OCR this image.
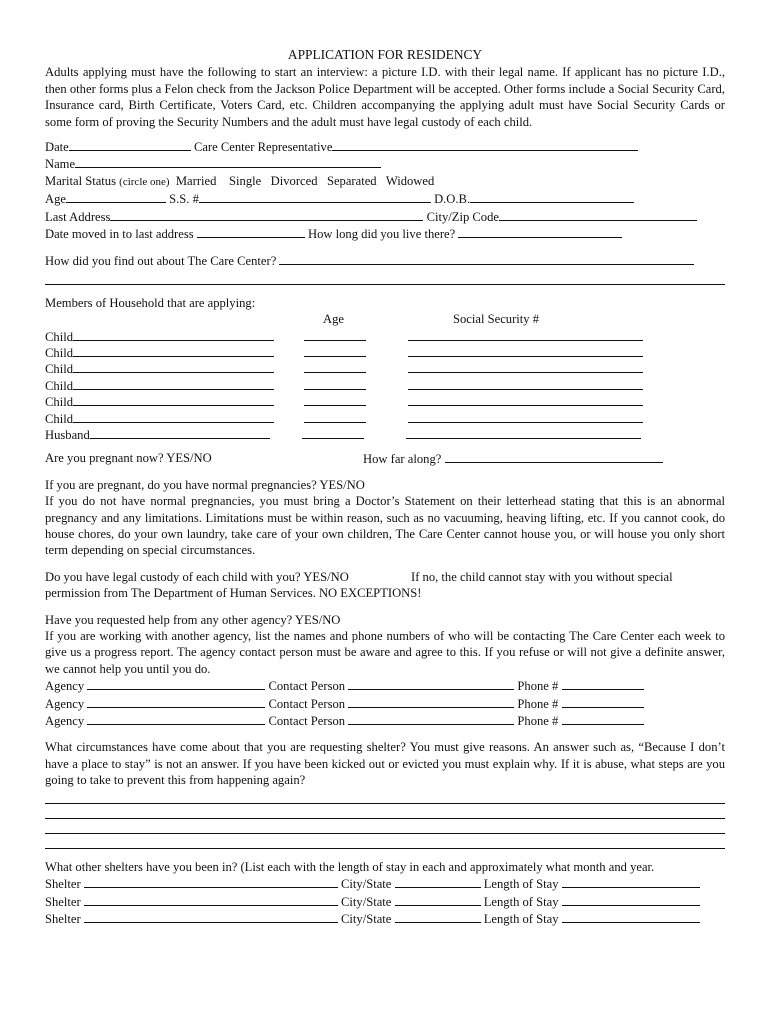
APPLICATION FOR RESIDENCY
Adults applying must have the following to start an interview: a picture I.D. with their legal name. If applicant has no picture I.D., then other forms plus a Felon check from the Jackson Police Department will be accepted. Other forms include a Social Security Card, Insurance card, Birth Certificate, Voters Card, etc. Children accompanying the applying adult must have Social Security Cards or some form of proving the Security Numbers and the adult must have legal custody of each child.
Date	Care Center Representative
Name
Marital Status (circle one) Married    Single   Divorced   Separated   Widowed
Age	S.S. #	D.O.B.
Last Address	City/Zip Code
Date moved in to last address	How long did you live there?
How did you find out about The Care Center?
Members of Household that are applying:
Age	Social Security #
Child
Child
Child
Child
Child
Child
Husband
Are you pregnant now? YES/NO	How far along?
If you are pregnant, do you have normal pregnancies? YES/NO
If you do not have normal pregnancies, you must bring a Doctor’s Statement on their letterhead stating that this is an abnormal pregnancy and any limitations. Limitations must be within reason, such as no vacuuming, heaving lifting, etc. If you cannot cook, do house chores, do your own laundry, take care of your own children, The Care Center cannot house you, or will house you only short term depending on special circumstances.
Do you have legal custody of each child with you? YES/NO	If no, the child cannot stay with you without special
permission from The Department of Human Services. NO EXCEPTIONS!
Have you requested help from any other agency? YES/NO
If you are working with another agency, list the names and phone numbers of who will be contacting The Care Center each week to give us a progress report. The agency contact person must be aware and agree to this. If you refuse or will not give a definite answer, we cannot help you until you do.
Agency	Contact Person	Phone #
Agency	Contact Person	Phone #
Agency	Contact Person	Phone #
What circumstances have come about that you are requesting shelter? You must give reasons. An answer such as, “Because I don’t have a place to stay” is not an answer. If you have been kicked out or evicted you must explain why. If it is abuse, what steps are you going to take to prevent this from happening again?
What other shelters have you been in? (List each with the length of stay in each and approximately what month and year.
Shelter	City/State	Length of Stay
Shelter	City/State	Length of Stay
Shelter	City/State	Length of Stay
